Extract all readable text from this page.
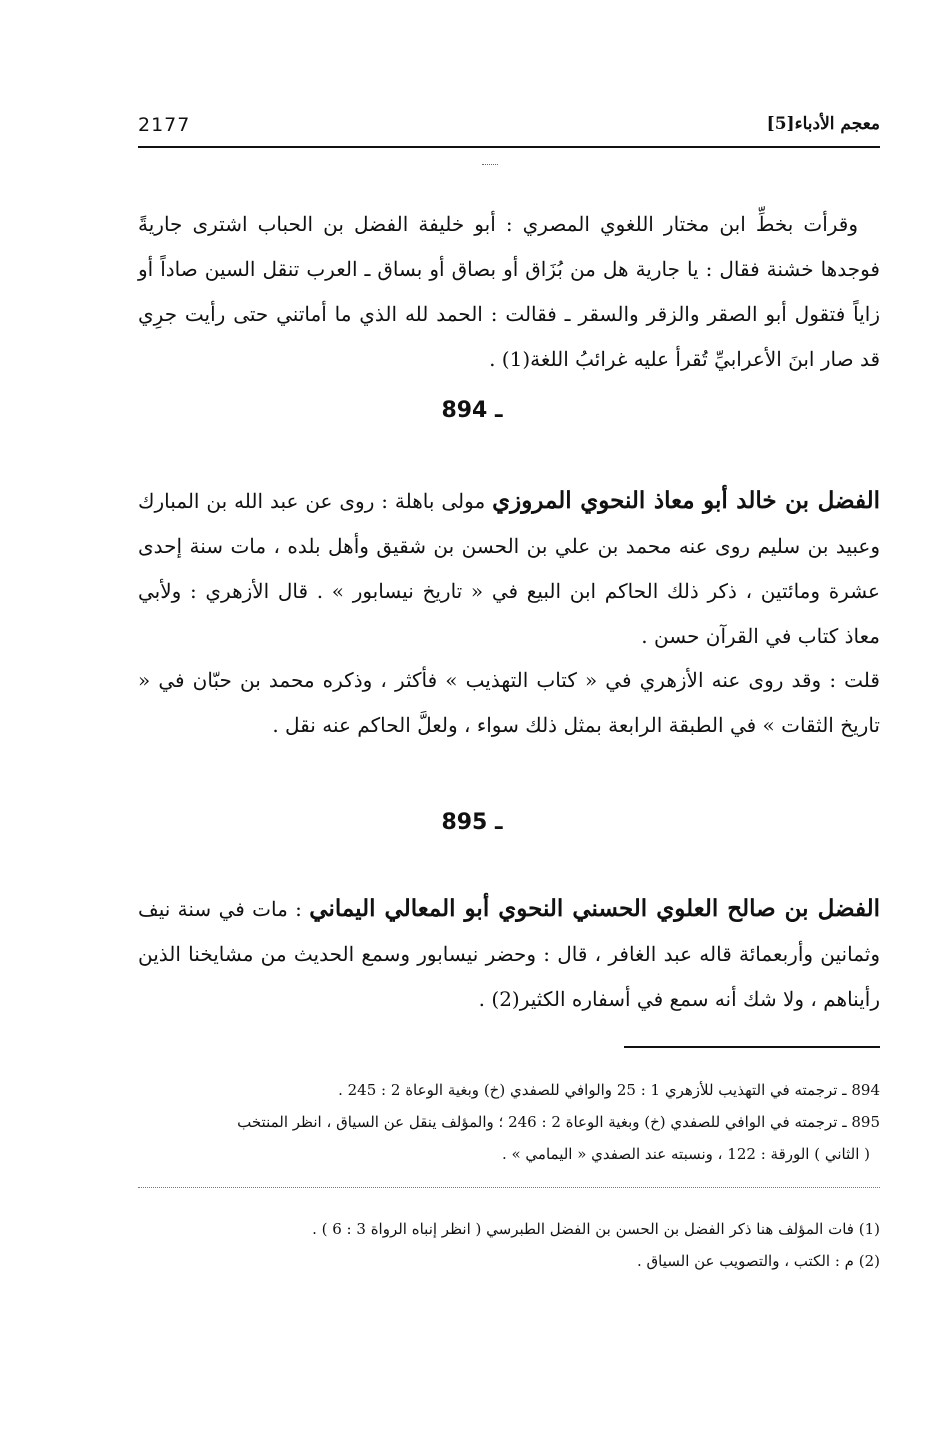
2177	معجم الأدباء[5]

وقرأت بخطِّ ابن مختار اللغوي المصري : أبو خليفة الفضل بن الحباب اشترى جاريةً فوجدها خشنة فقال : يا جارية هل من بُزَاق أو بصاق أو بساق ـ العرب تنقل السين صاداً أو زاياً فتقول أبو الصقر والزقر والسقر ـ فقالت : الحمد لله الذي ما أماتني حتى رأيت جرِي قد صار ابنَ الأعرابيِّ تُقرأ عليه غرائبُ اللغة(1) .

894 ـ

الفضل بن خالد أبو معاذ النحوي المروزي مولى باهلة : روى عن عبد الله بن المبارك وعبيد بن سليم روى عنه محمد بن علي بن الحسن بن شقيق وأهل بلده ، مات سنة إحدى عشرة ومائتين ، ذكر ذلك الحاكم ابن البيع في « تاريخ نيسابور » . قال الأزهري : ولأبي معاذ كتاب في القرآن حسن .

قلت : وقد روى عنه الأزهري في « كتاب التهذيب » فأكثر ، وذكره محمد بن حبّان في « تاريخ الثقات » في الطبقة الرابعة بمثل ذلك سواء ، ولعلَّ الحاكم عنه نقل .

895 ـ

الفضل بن صالح العلوي الحسني النحوي أبو المعالي اليماني : مات في سنة نيف وثمانين وأربعمائة قاله عبد الغافر ، قال : وحضر نيسابور وسمع الحديث من مشايخنا الذين رأيناهم ، ولا شك أنه سمع في أسفاره الكثير(2) .

894 ـ ترجمته في التهذيب للأزهري 1 : 25 والوافي للصفدي (خ) وبغية الوعاة 2 : 245 .

895 ـ ترجمته في الوافي للصفدي (خ) وبغية الوعاة 2 : 246 ؛ والمؤلف ينقل عن السياق ، انظر المنتخب

( الثاني ) الورقة : 122 ، ونسبته عند الصفدي « اليمامي » .

(1) فات المؤلف هنا ذكر الفضل بن الحسن بن الفضل الطبرسي ( انظر إنباه الرواة 3 : 6 ) .

(2) م : الكتب ، والتصويب عن السياق .
